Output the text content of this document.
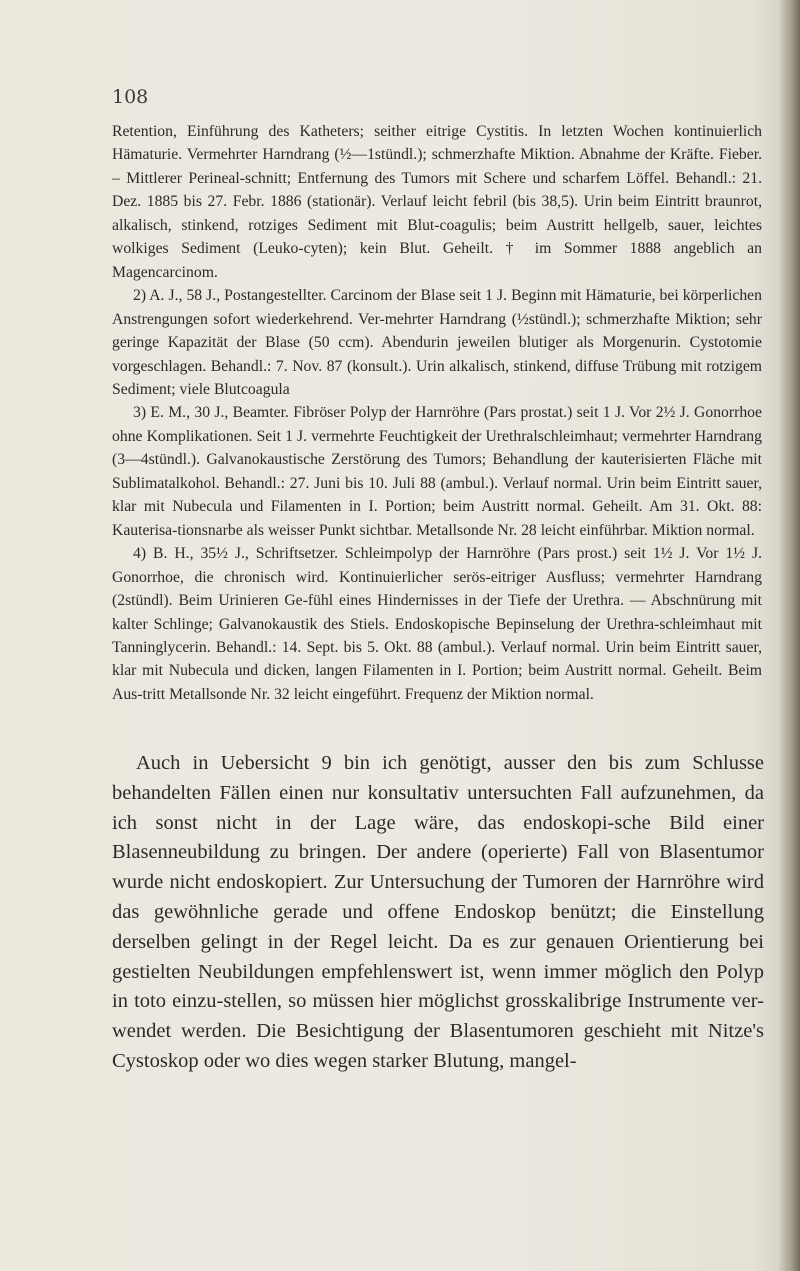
108

Retention, Einführung des Katheters; seither eitrige Cystitis. In letzten Wochen kontinuierlich Hämaturie. Vermehrter Harndrang (½—1stündl.); schmerzhafte Miktion. Abnahme der Kräfte. Fieber. – Mittlerer Perineal-schnitt; Entfernung des Tumors mit Schere und scharfem Löffel. Behandl.: 21. Dez. 1885 bis 27. Febr. 1886 (stationär). Verlauf leicht febril (bis 38,5). Urin beim Eintritt braunrot, alkalisch, stinkend, rotziges Sediment mit Blut-coagulis; beim Austritt hellgelb, sauer, leichtes wolkiges Sediment (Leuko-cyten); kein Blut. Geheilt. † im Sommer 1888 angeblich an Magencarcinom.

2) A. J., 58 J., Postangestellter. Carcinom der Blase seit 1 J. Beginn mit Hämaturie, bei körperlichen Anstrengungen sofort wiederkehrend. Ver-mehrter Harndrang (½stündl.); schmerzhafte Miktion; sehr geringe Kapazität der Blase (50 ccm). Abendurin jeweilen blutiger als Morgenurin. Cystotomie vorgeschlagen. Behandl.: 7. Nov. 87 (konsult.). Urin alkalisch, stinkend, diffuse Trübung mit rotzigem Sediment; viele Blutcoagula

3) E. M., 30 J., Beamter. Fibröser Polyp der Harnröhre (Pars prostat.) seit 1 J. Vor 2½ J. Gonorrhoe ohne Komplikationen. Seit 1 J. vermehrte Feuchtigkeit der Urethralschleimhaut; vermehrter Harndrang (3—4stündl.). Galvanokaustische Zerstörung des Tumors; Behandlung der kauterisierten Fläche mit Sublimatalkohol. Behandl.: 27. Juni bis 10. Juli 88 (ambul.). Verlauf normal. Urin beim Eintritt sauer, klar mit Nubecula und Filamenten in I. Portion; beim Austritt normal. Geheilt. Am 31. Okt. 88: Kauterisa-tionsnarbe als weisser Punkt sichtbar. Metallsonde Nr. 28 leicht einführbar. Miktion normal.

4) B. H., 35½ J., Schriftsetzer. Schleimpolyp der Harnröhre (Pars prost.) seit 1½ J. Vor 1½ J. Gonorrhoe, die chronisch wird. Kontinuierlicher serös-eitriger Ausfluss; vermehrter Harndrang (2stündl). Beim Urinieren Ge-fühl eines Hindernisses in der Tiefe der Urethra. — Abschnürung mit kalter Schlinge; Galvanokaustik des Stiels. Endoskopische Bepinselung der Urethra-schleimhaut mit Tanninglycerin. Behandl.: 14. Sept. bis 5. Okt. 88 (ambul.). Verlauf normal. Urin beim Eintritt sauer, klar mit Nubecula und dicken, langen Filamenten in I. Portion; beim Austritt normal. Geheilt. Beim Aus-tritt Metallsonde Nr. 32 leicht eingeführt. Frequenz der Miktion normal.

Auch in Uebersicht 9 bin ich genötigt, ausser den bis zum Schlusse behandelten Fällen einen nur konsultativ untersuchten Fall aufzunehmen, da ich sonst nicht in der Lage wäre, das endoskopi-sche Bild einer Blasenneubildung zu bringen. Der andere (operierte) Fall von Blasentumor wurde nicht endoskopiert. Zur Untersuchung der Tumoren der Harnröhre wird das gewöhnliche gerade und offene Endoskop benützt; die Einstellung derselben gelingt in der Regel leicht. Da es zur genauen Orientierung bei gestielten Neubildungen empfehlenswert ist, wenn immer möglich den Polyp in toto einzu-stellen, so müssen hier möglichst grosskalibrige Instrumente ver-wendet werden. Die Besichtigung der Blasentumoren geschieht mit Nitze's Cystoskop oder wo dies wegen starker Blutung, mangel-
